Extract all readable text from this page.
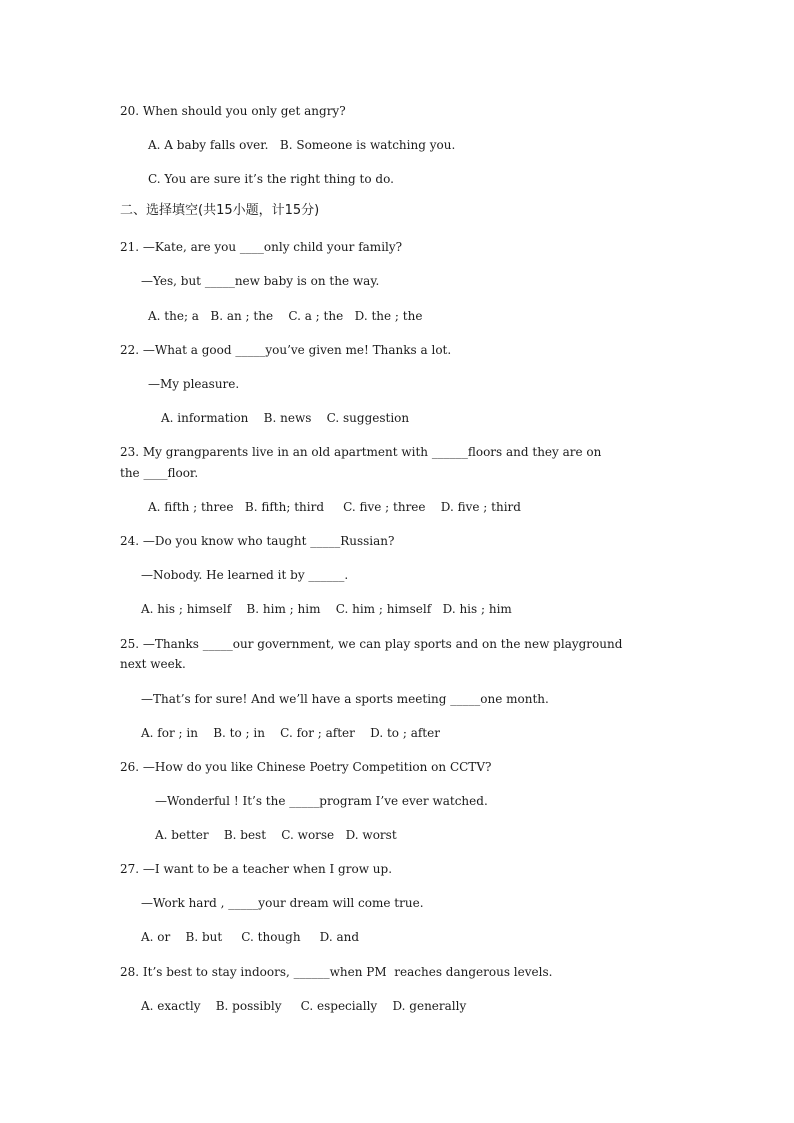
20. When should you only get angry?
A. A baby falls over.   B. Someone is watching you.
C. You are sure it’s the right thing to do.
二、选择填空(共15小题，计15分)
21. —Kate, are you ____only child your family?
—Yes, but _____new baby is on the way.
A. the; a   B. an ; the    C. a ; the   D. the ; the
22. —What a good _____you’ve given me! Thanks a lot.
—My pleasure.
A. information    B. news    C. suggestion
23. My grangparents live in an old apartment with ______floors and they are on
the ____floor.
A. fifth ; three   B. fifth; third     C. five ; three    D. five ; third
24. —Do you know who taught _____Russian?
—Nobody. He learned it by ______.
A. his ; himself    B. him ; him    C. him ; himself   D. his ; him
25. —Thanks _____our government, we can play sports and on the new playground
next week.
—That’s for sure! And we’ll have a sports meeting _____one month.
A. for ; in    B. to ; in    C. for ; after    D. to ; after
26. —How do you like Chinese Poetry Competition on CCTV?
—Wonderful ! It’s the _____program I’ve ever watched.
A. better    B. best    C. worse   D. worst
27. —I want to be a teacher when I grow up.
—Work hard , _____your dream will come true.
A. or    B. but     C. though     D. and
28. It’s best to stay indoors, ______when PM  reaches dangerous levels.
A. exactly    B. possibly     C. especially    D. generally
